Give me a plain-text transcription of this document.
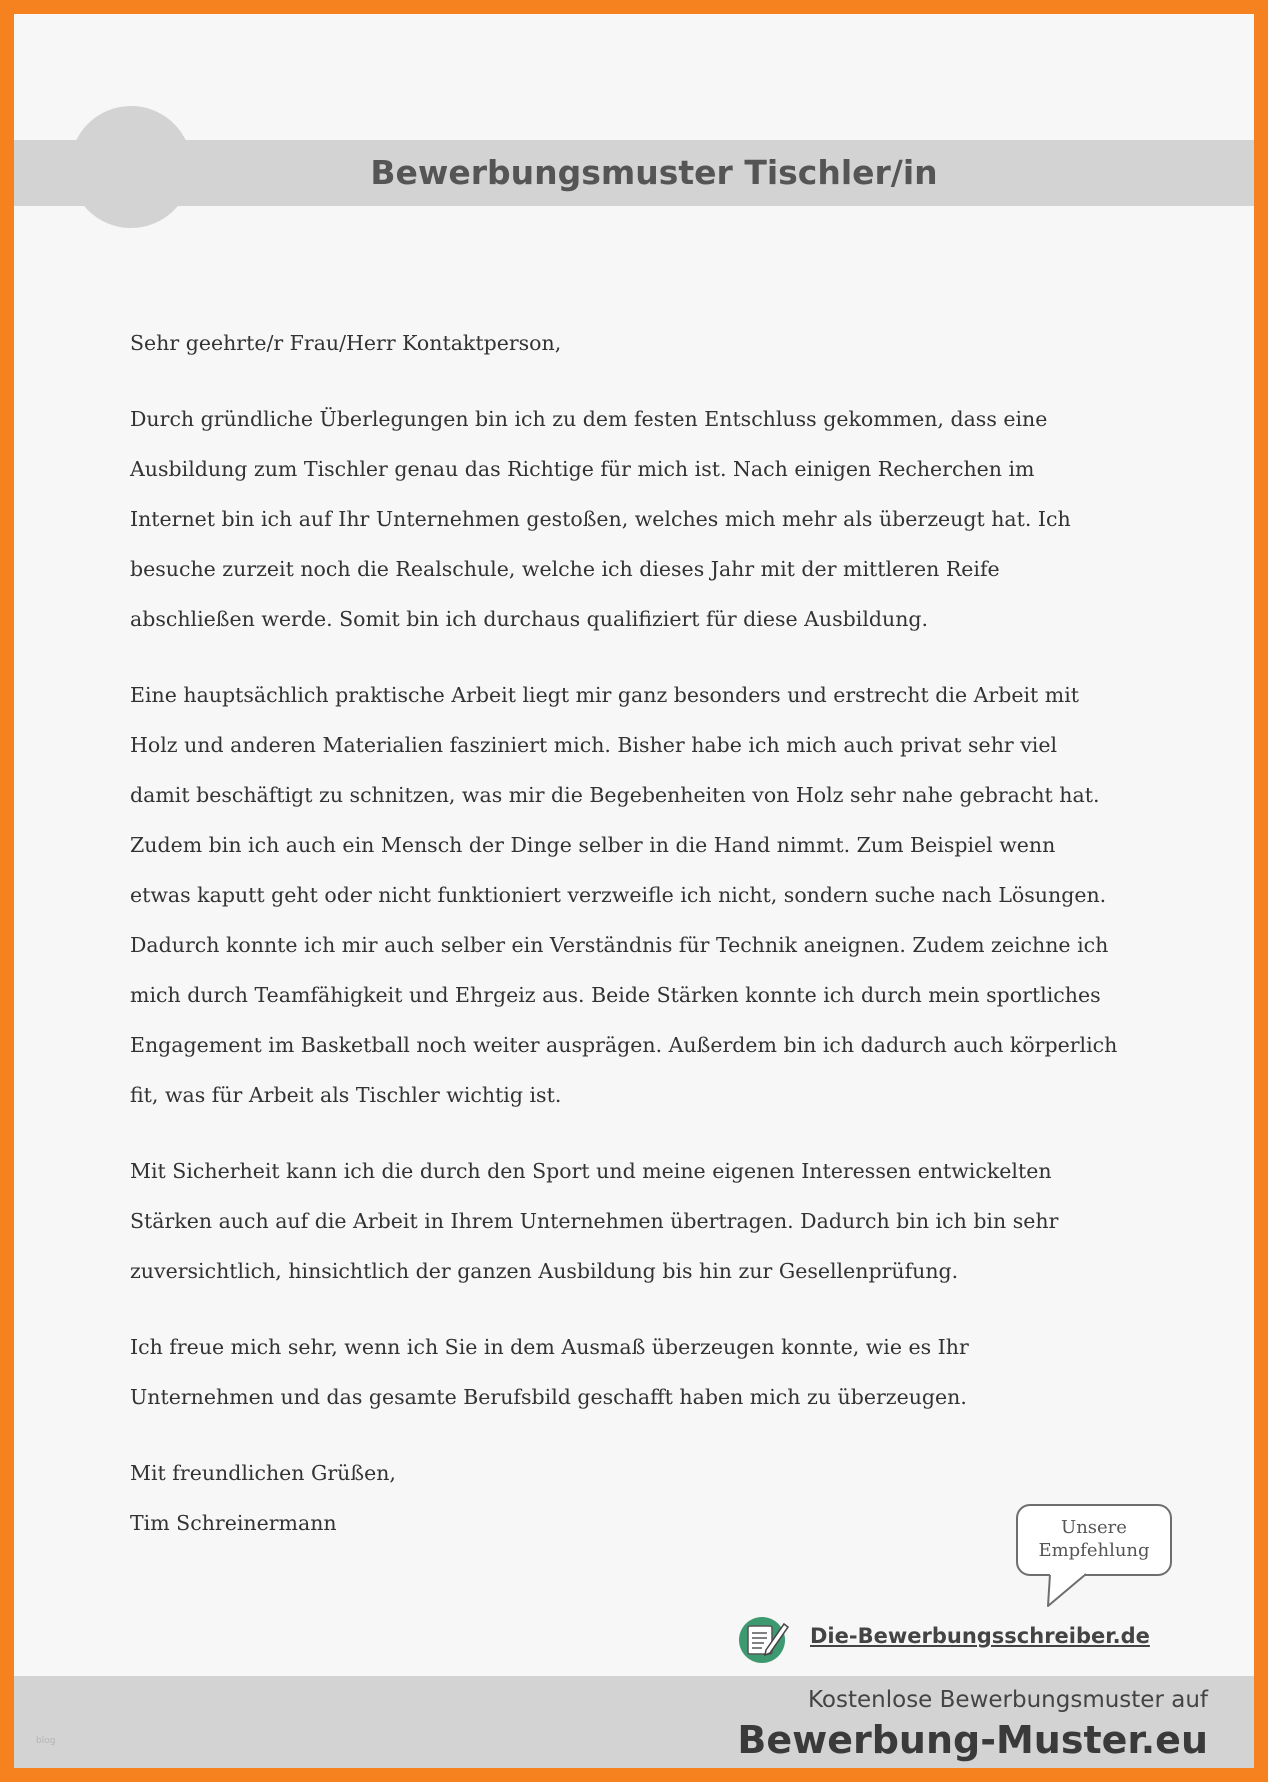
Bewerbungsmuster Tischler/in

Sehr geehrte/r Frau/Herr Kontaktperson,

Durch gründliche Überlegungen bin ich zu dem festen Entschluss gekommen, dass eine
Ausbildung zum Tischler genau das Richtige für mich ist. Nach einigen Recherchen im
Internet bin ich auf Ihr Unternehmen gestoßen, welches mich mehr als überzeugt hat. Ich
besuche zurzeit noch die Realschule, welche ich dieses Jahr mit der mittleren Reife
abschließen werde. Somit bin ich durchaus qualifiziert für diese Ausbildung.

Eine hauptsächlich praktische Arbeit liegt mir ganz besonders und erstrecht die Arbeit mit
Holz und anderen Materialien fasziniert mich. Bisher habe ich mich auch privat sehr viel
damit beschäftigt zu schnitzen, was mir die Begebenheiten von Holz sehr nahe gebracht hat.
Zudem bin ich auch ein Mensch der Dinge selber in die Hand nimmt. Zum Beispiel wenn
etwas kaputt geht oder nicht funktioniert verzweifle ich nicht, sondern suche nach Lösungen.
Dadurch konnte ich mir auch selber ein Verständnis für Technik aneignen. Zudem zeichne ich
mich durch Teamfähigkeit und Ehrgeiz aus. Beide Stärken konnte ich durch mein sportliches
Engagement im Basketball noch weiter ausprägen. Außerdem bin ich dadurch auch körperlich
fit, was für Arbeit als Tischler wichtig ist.

Mit Sicherheit kann ich die durch den Sport und meine eigenen Interessen entwickelten
Stärken auch auf die Arbeit in Ihrem Unternehmen übertragen. Dadurch bin ich bin sehr
zuversichtlich, hinsichtlich der ganzen Ausbildung bis hin zur Gesellenprüfung.

Ich freue mich sehr, wenn ich Sie in dem Ausmaß überzeugen konnte, wie es Ihr
Unternehmen und das gesamte Berufsbild geschafft haben mich zu überzeugen.

Mit freundlichen Grüßen,
Tim Schreinermann	Unsere
Empfehlung
Die-Bewerbungsschreiber.de
Kostenlose Bewerbungsmuster auf
Bewerbung-Muster.eu
blog
